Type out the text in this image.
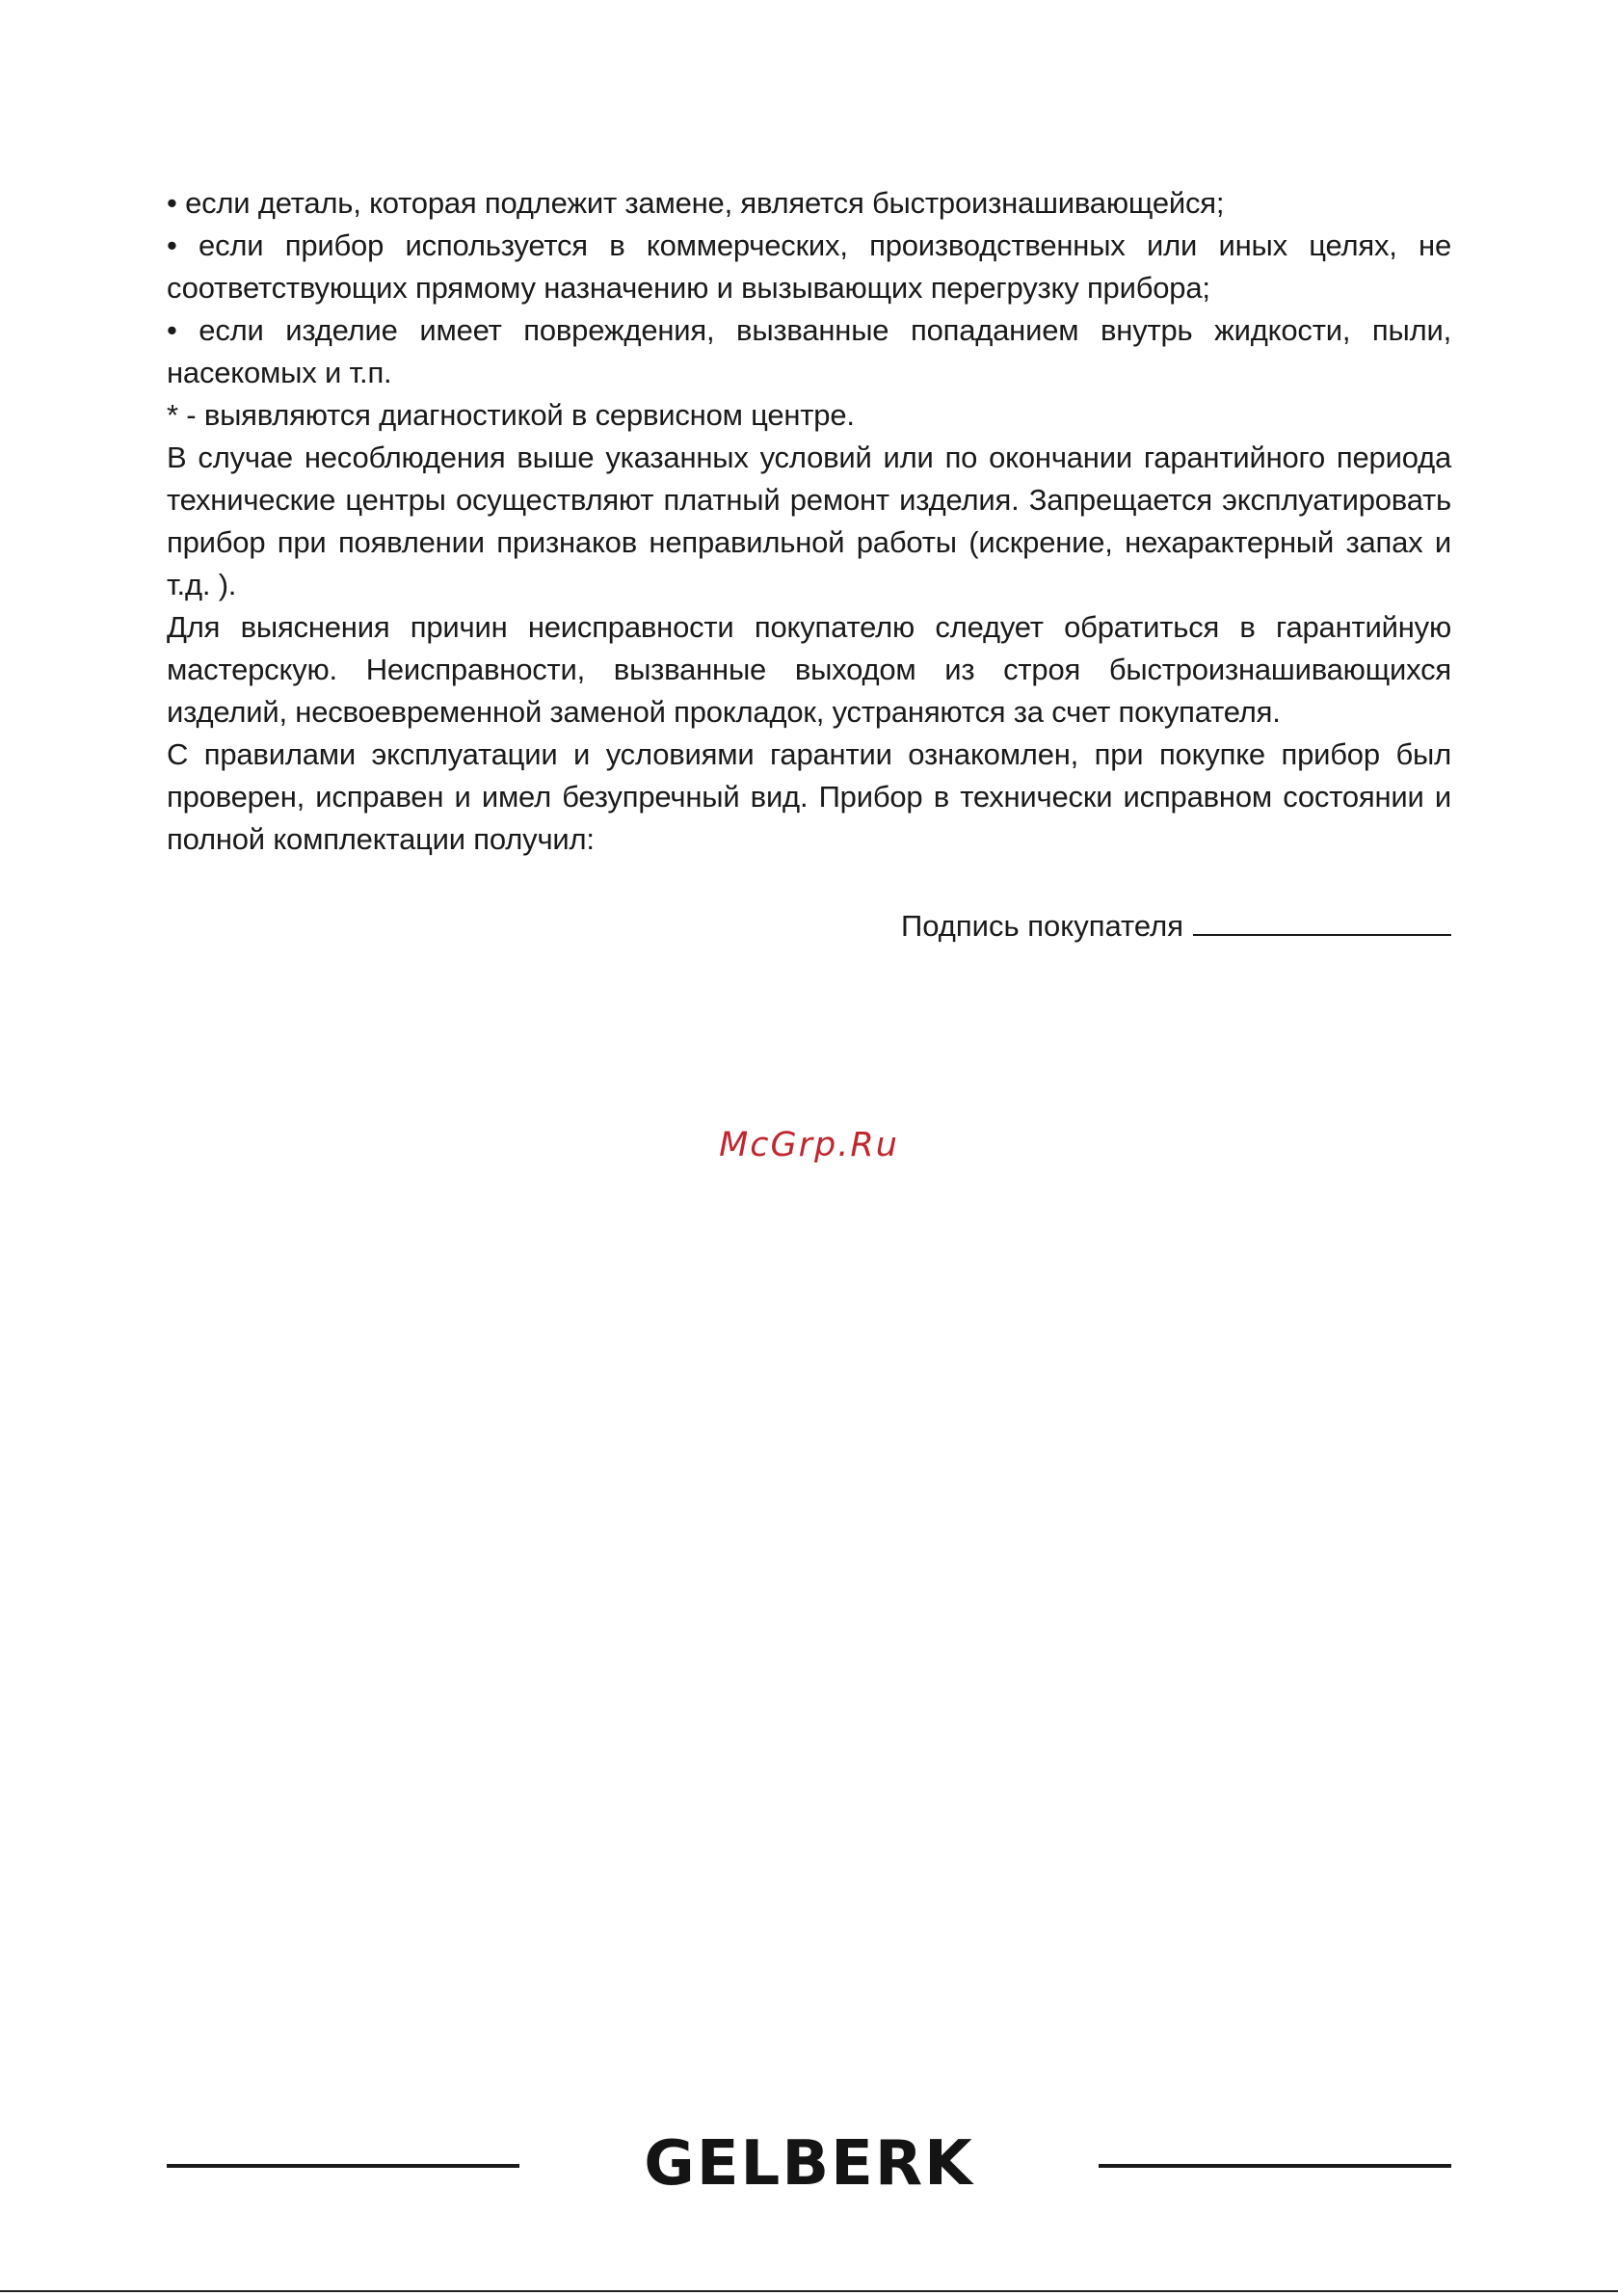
• если деталь, которая подлежит замене, является быстроизнашивающейся;

• если прибор используется в коммерческих, производственных или иных целях, не соответствующих прямому назначению и вызывающих перегрузку прибора;

• если изделие имеет повреждения, вызванные попаданием внутрь жидкости, пыли, насекомых и т.п.

* - выявляются диагностикой в сервисном центре.

В случае несоблюдения выше указанных условий или по окончании гарантийного периода технические центры осуществляют платный ремонт изделия. Запрещается эксплуатировать прибор при появлении признаков неправильной работы (искрение, нехарактерный запах и т.д. ).

Для выяснения причин неисправности покупателю следует обратиться в гарантийную мастерскую. Неисправности, вызванные выходом из строя быстроизнашивающихся изделий, несвоевременной заменой прокладок, устраняются за счет покупателя.

С правилами эксплуатации и условиями гарантии ознакомлен, при покупке прибор был проверен, исправен и имел безупречный вид. Прибор в технически исправном состоянии и полной комплектации получил:

Подпись покупателя
McGrp.Ru
GELBERK
